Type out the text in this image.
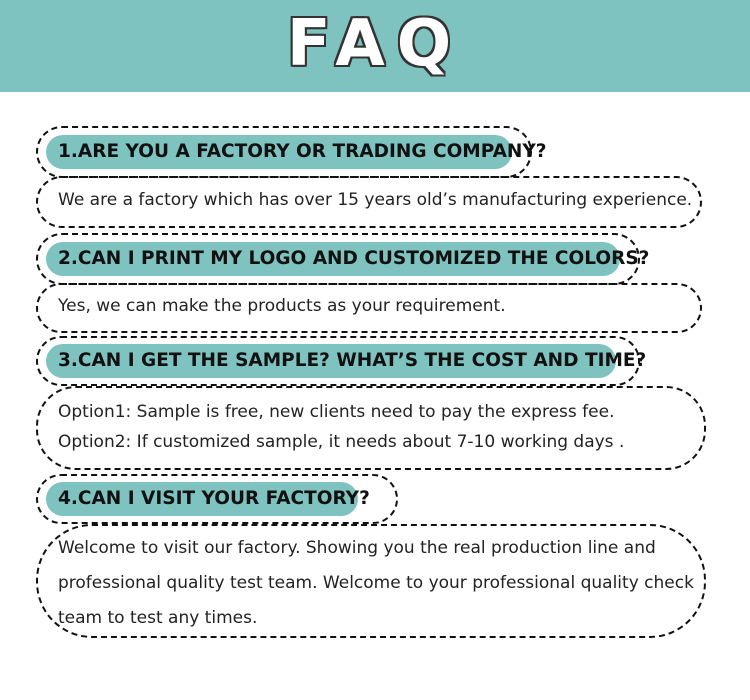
FAQ
1.ARE YOU A FACTORY OR TRADING COMPANY?
We are a factory which has over 15 years old’s manufacturing experience.
2.CAN I PRINT MY LOGO AND CUSTOMIZED THE COLORS?
Yes, we can make the products as your requirement.
3.CAN I GET THE SAMPLE? WHAT’S THE COST AND TIME?
Option1: Sample is free, new clients need to pay the express fee.
Option2: If customized sample, it needs about 7-10 working days .
4.CAN I VISIT YOUR FACTORY?
Welcome to visit our factory. Showing you the real production line and
professional quality test team. Welcome to your professional quality check
team to test any times.
